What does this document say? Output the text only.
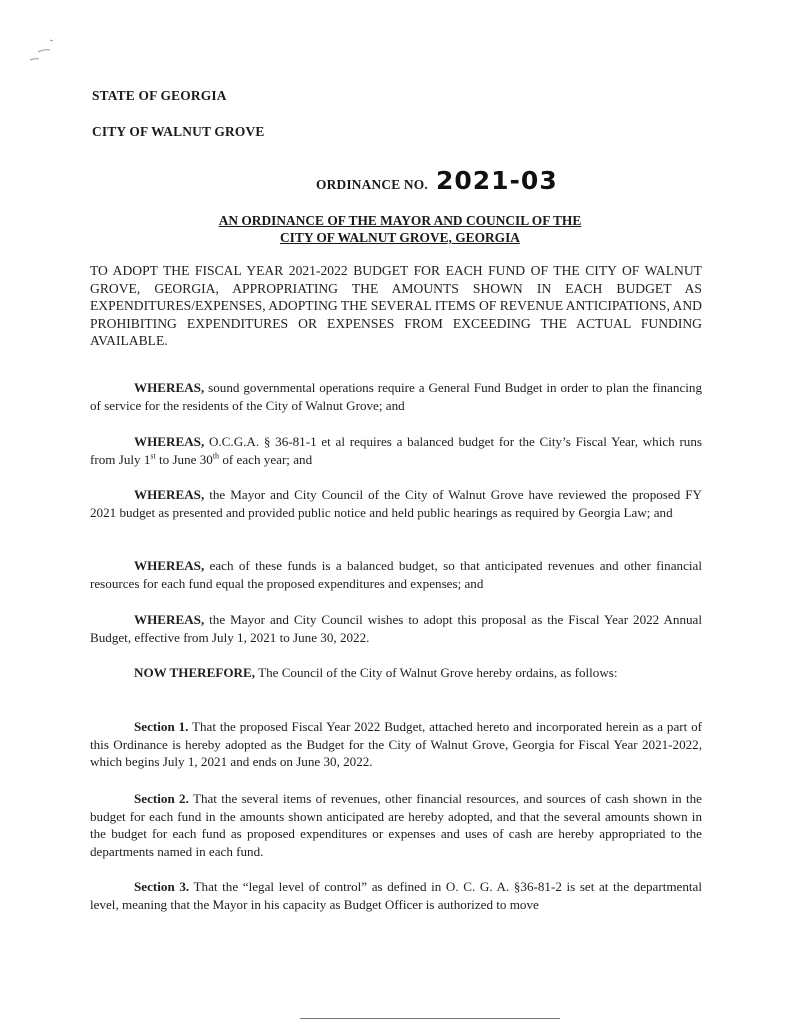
STATE OF GEORGIA
CITY OF WALNUT GROVE
ORDINANCE NO. 2021-03
AN ORDINANCE OF THE MAYOR AND COUNCIL OF THE
CITY OF WALNUT GROVE, GEORGIA
TO ADOPT THE FISCAL YEAR 2021-2022 BUDGET FOR EACH FUND OF THE CITY OF WALNUT GROVE, GEORGIA, APPROPRIATING THE AMOUNTS SHOWN IN EACH BUDGET AS EXPENDITURES/EXPENSES, ADOPTING THE SEVERAL ITEMS OF REVENUE ANTICIPATIONS, AND PROHIBITING EXPENDITURES OR EXPENSES FROM EXCEEDING THE ACTUAL FUNDING AVAILABLE.
WHEREAS, sound governmental operations require a General Fund Budget in order to plan the financing of service for the residents of the City of Walnut Grove; and
WHEREAS, O.C.G.A. § 36-81-1 et al requires a balanced budget for the City’s Fiscal Year, which runs from July 1st to June 30th of each year; and
WHEREAS, the Mayor and City Council of the City of Walnut Grove have reviewed the proposed FY 2021 budget as presented and provided public notice and held public hearings as required by Georgia Law; and
WHEREAS, each of these funds is a balanced budget, so that anticipated revenues and other financial resources for each fund equal the proposed expenditures and expenses; and
WHEREAS, the Mayor and City Council wishes to adopt this proposal as the Fiscal Year 2022 Annual Budget, effective from July 1, 2021 to June 30, 2022.
NOW THEREFORE, The Council of the City of Walnut Grove hereby ordains, as follows:
Section 1. That the proposed Fiscal Year 2022 Budget, attached hereto and incorporated herein as a part of this Ordinance is hereby adopted as the Budget for the City of Walnut Grove, Georgia for Fiscal Year 2021-2022, which begins July 1, 2021 and ends on June 30, 2022.
Section 2. That the several items of revenues, other financial resources, and sources of cash shown in the budget for each fund in the amounts shown anticipated are hereby adopted, and that the several amounts shown in the budget for each fund as proposed expenditures or expenses and uses of cash are hereby appropriated to the departments named in each fund.
Section 3. That the “legal level of control” as defined in O. C. G. A. §36-81-2 is set at the departmental level, meaning that the Mayor in his capacity as Budget Officer is authorized to move
